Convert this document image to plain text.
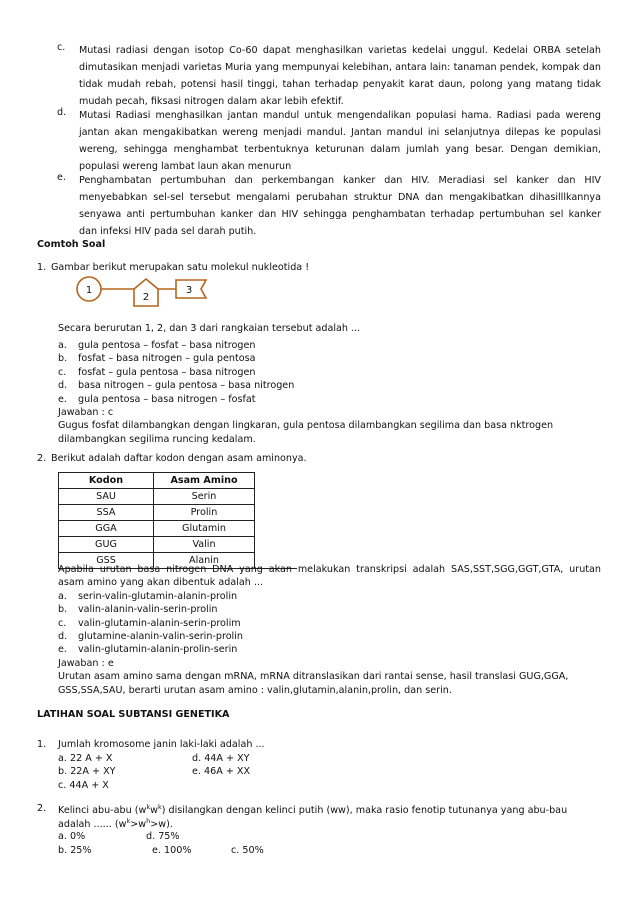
c. Mutasi radiasi dengan isotop Co-60 dapat menghasilkan varietas kedelai unggul. Kedelai ORBA setelah
dimutasikan menjadi varietas Muria yang mempunyai kelebihan, antara lain: tanaman pendek, kompak dan
tidak mudah rebah, potensi hasil tinggi, tahan terhadap penyakit karat daun, polong yang matang tidak
mudah pecah, fiksasi nitrogen dalam akar lebih efektif.
d. Mutasi Radiasi menghasilkan jantan mandul untuk mengendalikan populasi hama. Radiasi pada wereng
jantan akan mengakibatkan wereng menjadi mandul. Jantan mandul ini selanjutnya dilepas ke populasi
wereng, sehingga menghambat terbentuknya keturunan dalam jumlah yang besar. Dengan demikian,
populasi wereng lambat laun akan menurun
e. Penghambatan pertumbuhan dan perkembangan kanker dan HIV. Meradiasi sel kanker dan HIV
menyebabkan sel-sel tersebut mengalami perubahan struktur DNA dan mengakibatkan dihasilllkannya
senyawa anti pertumbuhan kanker dan HIV sehingga penghambatan terhadap pertumbuhan sel kanker
dan infeksi HIV pada sel darah putih.
Comtoh Soal
1. Gambar berikut merupakan satu molekul nukleotida !
1
2
3
Secara berurutan 1, 2, dan 3 dari rangkaian tersebut adalah ...
a. gula pentosa – fosfat – basa nitrogen
b. fosfat – basa nitrogen – gula pentosa
c. fosfat – gula pentosa – basa nitrogen
d. basa nitrogen – gula pentosa – basa nitrogen
e. gula pentosa – basa nitrogen – fosfat
Jawaban : c
Gugus fosfat dilambangkan dengan lingkaran, gula pentosa dilambangkan segilima dan basa nktrogen
dilambangkan segilima runcing kedalam.
2. Berikut adalah daftar kodon dengan asam aminonya.
Kodon	Asam Amino	
SAU	Serin	
SSA	Prolin	
GGA	Glutamin	
GUG	Valin	
GSS	Alanin	
Apabila urutan basa nitrogen DNA yang akan melakukan transkripsi adalah SAS,SST,SGG,GGT,GTA, urutan
asam amino yang akan dibentuk adalah ...
a. serin-valin-glutamin-alanin-prolin
b. valin-alanin-valin-serin-prolin
c. valin-glutamin-alanin-serin-prolim
d. glutamine-alanin-valin-serin-prolin
e. valin-glutamin-alanin-prolin-serin
Jawaban : e
Urutan asam amino sama dengan mRNA, mRNA ditranslasikan dari rantai sense, hasil translasi GUG,GGA,
GSS,SSA,SAU, berarti urutan asam amino : valin,glutamin,alanin,prolin, dan serin.
LATIHAN SOAL SUBTANSI GENETIKA
1. Jumlah kromosome janin laki-laki adalah ...
a. 22 A + X	d. 44A + XY
b. 22A + XY	e. 46A + XX
c. 44A + X
2. Kelinci abu-abu $(w^kw^k)$ disilangkan dengan kelinci putih (ww), maka rasio fenotip tutunanya yang abu-bau
adalah ...... $(w^k>w^h>w)$.
a. 0%	d. 75%
b. 25%	e. 100%	c. 50%
